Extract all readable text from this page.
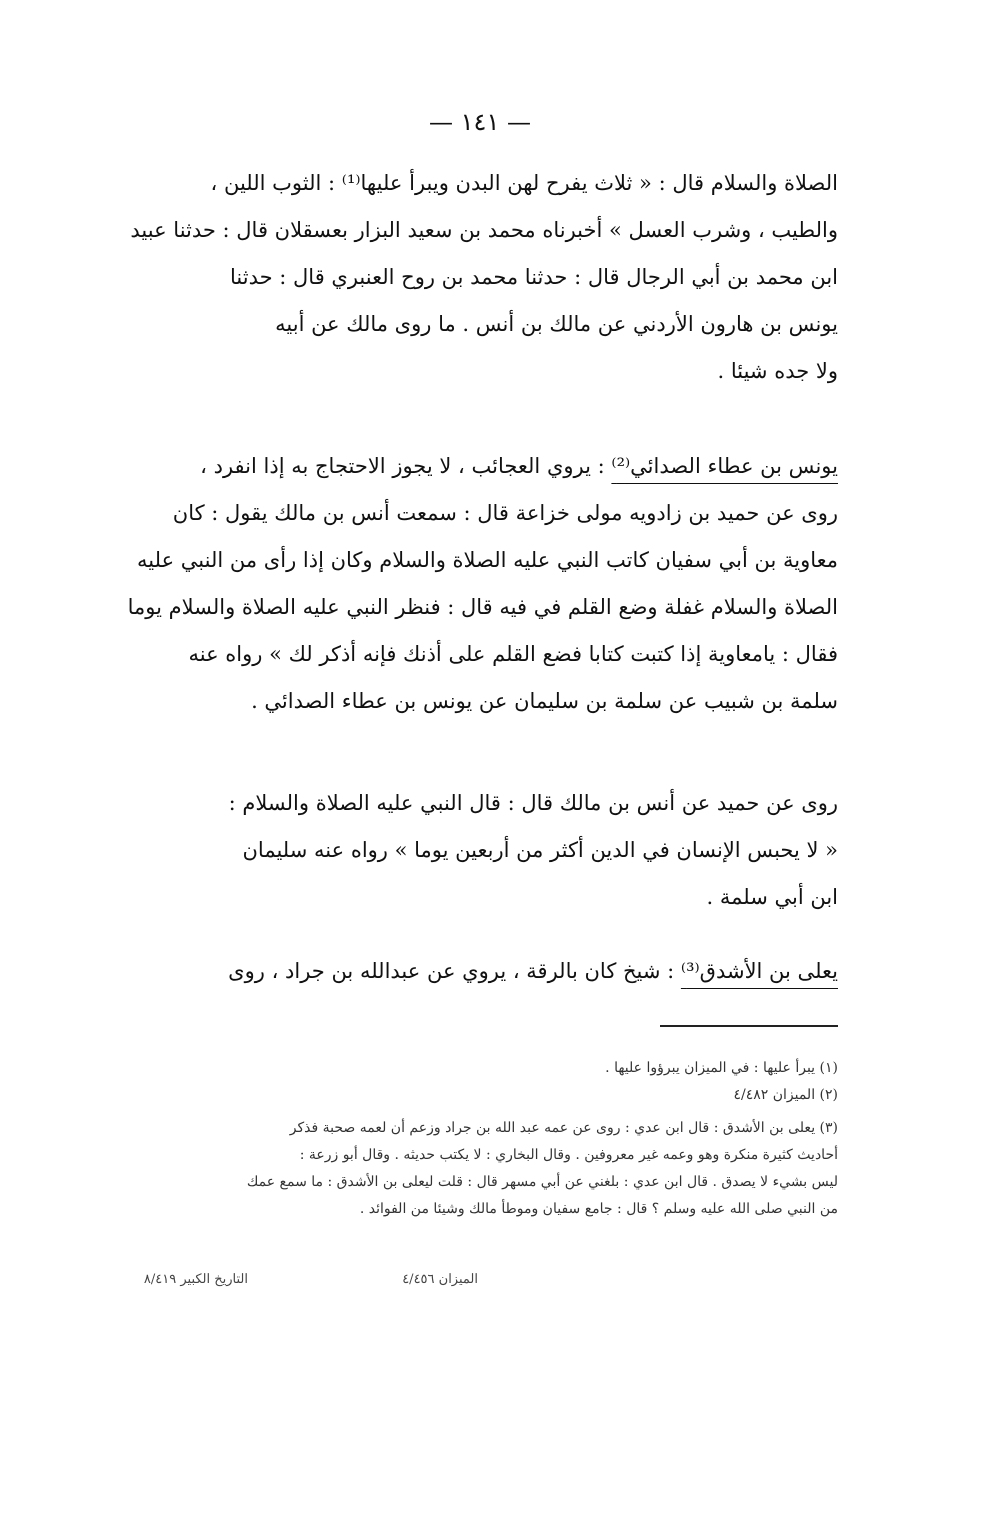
— ١٤١ —
الصلاة والسلام قال : « ثلاث يفرح لهن البدن ويبرأ عليها⁽¹⁾ : الثوب اللين ،
والطيب ، وشرب العسل » أخبرناه محمد بن سعيد البزار بعسقلان قال : حدثنا عبيد
ابن محمد بن أبي الرجال قال : حدثنا محمد بن روح العنبري قال : حدثنا
يونس بن هارون الأردني عن مالك بن أنس . ما روى مالك عن أبيه
ولا جده شيئا .
يونس بن عطاء الصدائي⁽²⁾ : يروي العجائب ، لا يجوز الاحتجاج به إذا انفرد ،
روى عن حميد بن زادويه مولى خزاعة قال : سمعت أنس بن مالك يقول : كان
معاوية بن أبي سفيان كاتب النبي عليه الصلاة والسلام وكان إذا رأى من النبي عليه
الصلاة والسلام غفلة وضع القلم في فيه قال : فنظر النبي عليه الصلاة والسلام يوما
فقال : يامعاوية إذا كتبت كتابا فضع القلم على أذنك فإنه أذكر لك » رواه عنه
سلمة بن شبيب عن سلمة بن سليمان عن يونس بن عطاء الصدائي .
روى عن حميد عن أنس بن مالك قال : قال النبي عليه الصلاة والسلام :
« لا يحبس الإنسان في الدين أكثر من أربعين يوما » رواه عنه سليمان
ابن أبي سلمة .
يعلى بن الأشدق⁽³⁾ : شيخ كان بالرقة ، يروي عن عبدالله بن جراد ، روى
(١) يبرأ عليها : في الميزان يبرؤوا عليها .
(٢) الميزان ٤/٤٨٢
(٣) يعلى بن الأشدق : قال ابن عدي : روى عن عمه عبد الله بن جراد وزعم أن لعمه صحبة فذكر
أحاديث كثيرة منكرة وهو وعمه غير معروفين . وقال البخاري : لا يكتب حديثه . وقال أبو زرعة :
ليس بشيء لا يصدق . قال ابن عدي : بلغني عن أبي مسهر قال : قلت ليعلى بن الأشدق : ما سمع عمك
من النبي صلى الله عليه وسلم ؟ قال : جامع سفيان وموطأ مالك وشيئا من الفوائد .
الميزان ٤/٤٥٦
التاريخ الكبير ٨/٤١٩
